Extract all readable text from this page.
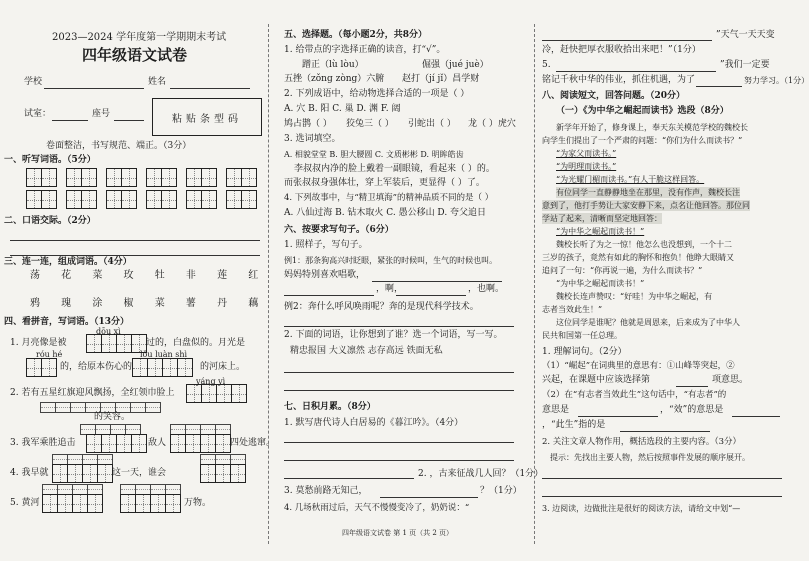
2023—2024 学年度第一学期期末考试
四年级语文试卷
学校	姓名
试室：	座号	粘贴条型码
卷面整洁，书写规范、端正。（3分）
一、听写词语。（5分）
二、口语交际。（2分）
三、连一连，组成词语。（4分）
荡 花 菜 玫 牡 非 莲 红
鸦 瑰 涂 椒 菜 薯 丹 藕
四、看拼音，写词语。（13分）
dōu xì
1. 月亮像是被	过的，白盘似的。月光是
róu hé	lǒu luàn shì
的，给原本伤心的	的河床上。
yáng yì
2. 若有五星红旗迎风飘扬，全红领巾脸上
的笑容。
3. 我军乘胜追击	敌人	四处逃窜。
4. 我早就	这一天，谁会
5. 黄河	万物。
五、选择题。（每小题2分，共8分）
1. 给带点的字选择正确的读音，打“√”。
蹭正（lù lòu）	倔强（jué juè）
五挫（zǒng zòng）六腑 赵打（jí jǐ）昌学财
2. 下列成语中，给动物选择合适的一项是（ ）
A. 穴 B. 阳 C. 巢 D. 渊 F. 阔
鸠占鹊（ ） 狡兔三（ ） 引蛇出（ ） 龙（ ）虎穴
3. 选词填空。
A. 相貌堂堂 B. 胆大腰圆 C. 文质彬彬 D. 明眸皓齿
李叔叔内净的脸上戴着一副眼镜，看起来（ ）的。
而张叔叔身强体壮，穿上军装后，更显得（ ）了。
4. 下列故事中，与“精卫填海”的精神品质不同的是（ ）
A. 八仙过海 B. 钻木取火 C. 愚公移山 D. 夸父追日
六、按要求写句子。（6分）
1. 照样子，写句子。
例1：那条狗高兴时眨眼，紧张的时候叫，生气的时候也叫。
妈妈特别喜欢唱歌，
，啊，	，也啊。
例2：奔什么呼风唤雨呢？奔的是现代科学技术。
2. 下面的词语，让你想到了谁？选一个词语，写一写。
精忠报国 大义凛然 志存高远 铁面无私
七、日积月累。（8分）
1. 默写唐代诗人白居易的《暮江吟》。（4分）
2. ，古来征战几人回？（1分）
3. 莫愁前路无知己，	？（1分）
4. 几场秋雨过后，天气不慢慢变冷了，奶奶说：“
四年级语文试卷 第 1 页（共 2 页）
”天气一天天变
冷，赶快把厚衣服收拾出来吧！”（1分）
5.	”我们一定要
铭记千秋中华的伟业，抓住机遇，为了	努力学习。（1分）
八、阅读短文，回答问题。（20分）
（一）《为中华之崛起而读书》选段（8分）
新学年开始了，修身课上，奉天东关模范学校的魏校长
向学生们提出了一个严肃的问题：“你们为什么而读书？”
“为家父而读书。”
“为明理而读书。”
“为光耀门楣而读书。”有人干脆这样回答。
有位同学一直静静地坐在那里，没有作声，魏校长注
意到了，他打手势让大家安静下来，点名让他回答。那位同
学站了起来，清晰而坚定地回答：
“为中华之崛起而读书！”
魏校长听了为之一惊！他怎么也没想到，一个十二
三岁的孩子，竟然有如此的胸怀和抱负！他睁大眼睛又
追问了一句：“你再说一遍，为什么而读书？”
“为中华之崛起而读书！”
魏校长连声赞叹：“好哇！为中华之崛起，有
志者当效此生！”
这位同学是谁呢？他就是周恩来，后来成为了中华人
民共和国第一任总理。
1. 理解词句。（2分）
（1）“崛起”在词典里的意思有：①山峰等突起，②
兴起，在课题中应该选择第	项意思。
（2）在“有志者当效此生”这句话中，“有志者”的
意思是	，“效”的意思是
，“此生”指的是
2. 关注文章人物作用，概括选段的主要内容。（3分）
提示：先找出主要人物，然后按照事件发展的顺序展开。
3. 边阅读，边做批注是很好的阅读方法，请给文中划“—
